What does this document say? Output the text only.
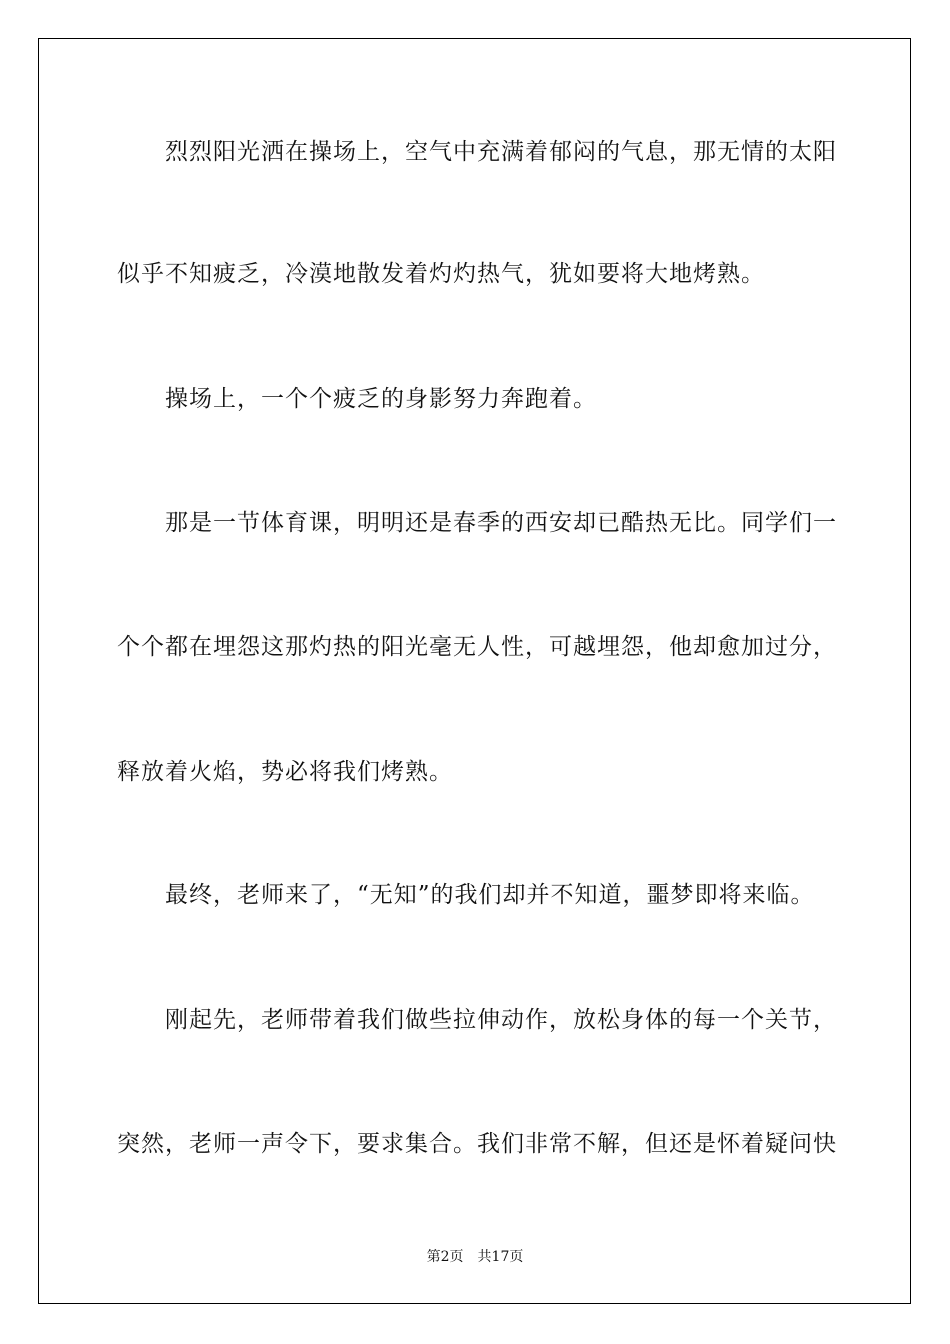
烈烈阳光洒在操场上，空气中充满着郁闷的气息，那无情的太阳
似乎不知疲乏，冷漠地散发着灼灼热气，犹如要将大地烤熟。
操场上，一个个疲乏的身影努力奔跑着。
那是一节体育课，明明还是春季的西安却已酷热无比。同学们一
个个都在埋怨这那灼热的阳光毫无人性，可越埋怨，他却愈加过分，
释放着火焰，势必将我们烤熟。
最终，老师来了，“无知”的我们却并不知道，噩梦即将来临。
刚起先，老师带着我们做些拉伸动作，放松身体的每一个关节，
突然，老师一声令下，要求集合。我们非常不解，但还是怀着疑问快
第2页 共17页
